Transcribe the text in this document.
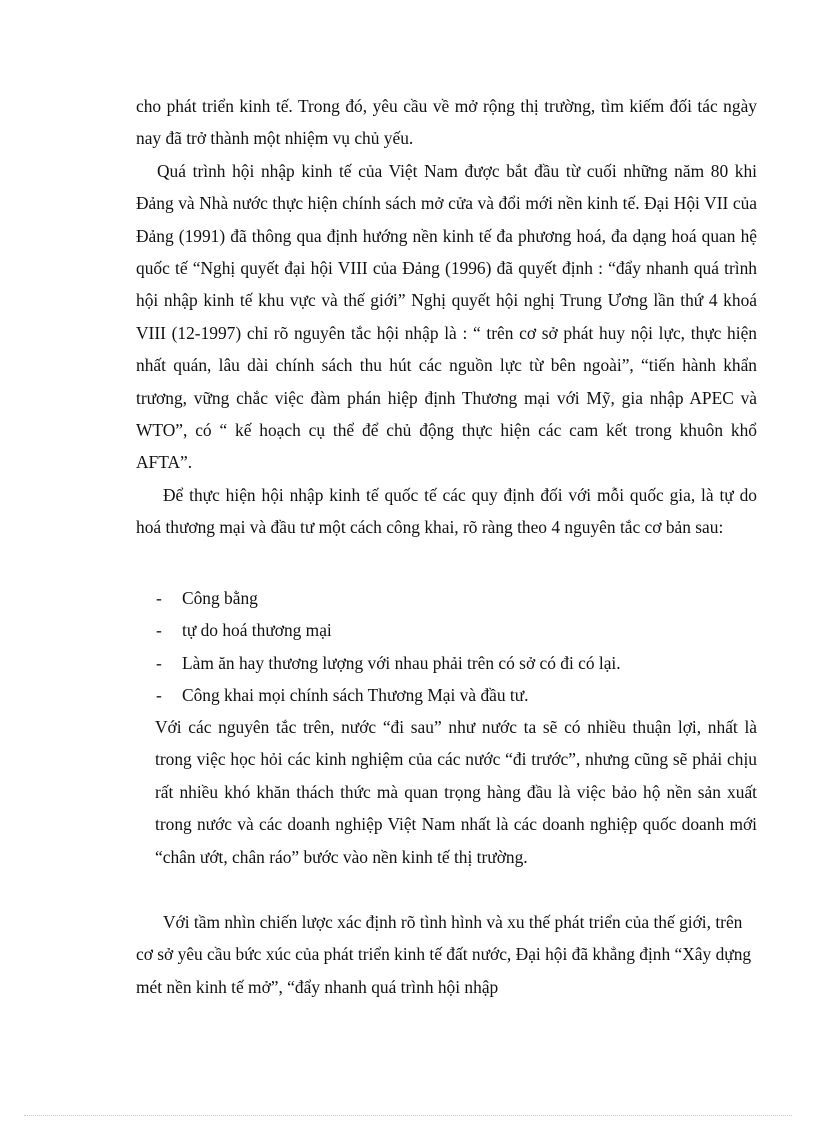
cho phát triển kinh tế. Trong đó, yêu cầu về mở rộng thị trường, tìm kiếm đối tác ngày nay đã trở thành một nhiệm vụ chủ yếu.

Quá trình hội nhập kinh tế của Việt Nam được bắt đầu từ cuối những năm 80 khi Đảng và Nhà nước thực hiện chính sách mở cửa và đổi mới nền kinh tế. Đại Hội VII của Đảng (1991) đã thông qua định hướng nền kinh tế đa phương hoá, đa dạng hoá quan hệ quốc tế “Nghị quyết đại hội VIII của Đảng (1996) đã quyết định : “đẩy nhanh quá trình hội nhập kinh tế khu vực và thế giới” Nghị quyết hội nghị Trung Ương lần thứ 4 khoá VIII (12-1997) chỉ rõ nguyên tắc hội nhập là : “ trên cơ sở phát huy nội lực, thực hiện nhất quán, lâu dài chính sách thu hút các nguồn lực từ bên ngoài”, “tiến hành khẩn trương, vững chắc việc đàm phán hiệp định Thương mại với Mỹ, gia nhập APEC và WTO”, có “ kế hoạch cụ thể để chủ động thực hiện các cam kết trong khuôn khổ AFTA”.

Để thực hiện hội nhập kinh tế quốc tế các quy định đối với mỗi quốc gia, là tự do hoá thương mại và đầu tư một cách công khai, rõ ràng theo 4 nguyên tắc cơ bản sau:

- Công bằng
- tự do hoá thương mại
- Làm ăn hay thương lượng với nhau phải trên có sở có đi có lại.
- Công khai mọi chính sách Thương Mại và đầu tư.

Với các nguyên tắc trên, nước “đi sau” như nước ta sẽ có nhiều thuận lợi, nhất là trong việc học hỏi các kinh nghiệm của các nước “đi trước”, nhưng cũng sẽ phải chịu rất nhiều khó khăn thách thức mà quan trọng hàng đầu là việc bảo hộ nền sản xuất trong nước và các doanh nghiệp Việt Nam nhất là các doanh nghiệp quốc doanh mới “chân ướt, chân ráo” bước vào nền kinh tế thị trường.

Với tầm nhìn chiến lược xác định rõ tình hình và xu thế phát triển của thế giới, trên cơ sở yêu cầu bức xúc của phát triển kinh tế đất nước, Đại hội đã khẳng định “Xây dựng mét nền kinh tế mở”, “đẩy nhanh quá trình hội nhập
